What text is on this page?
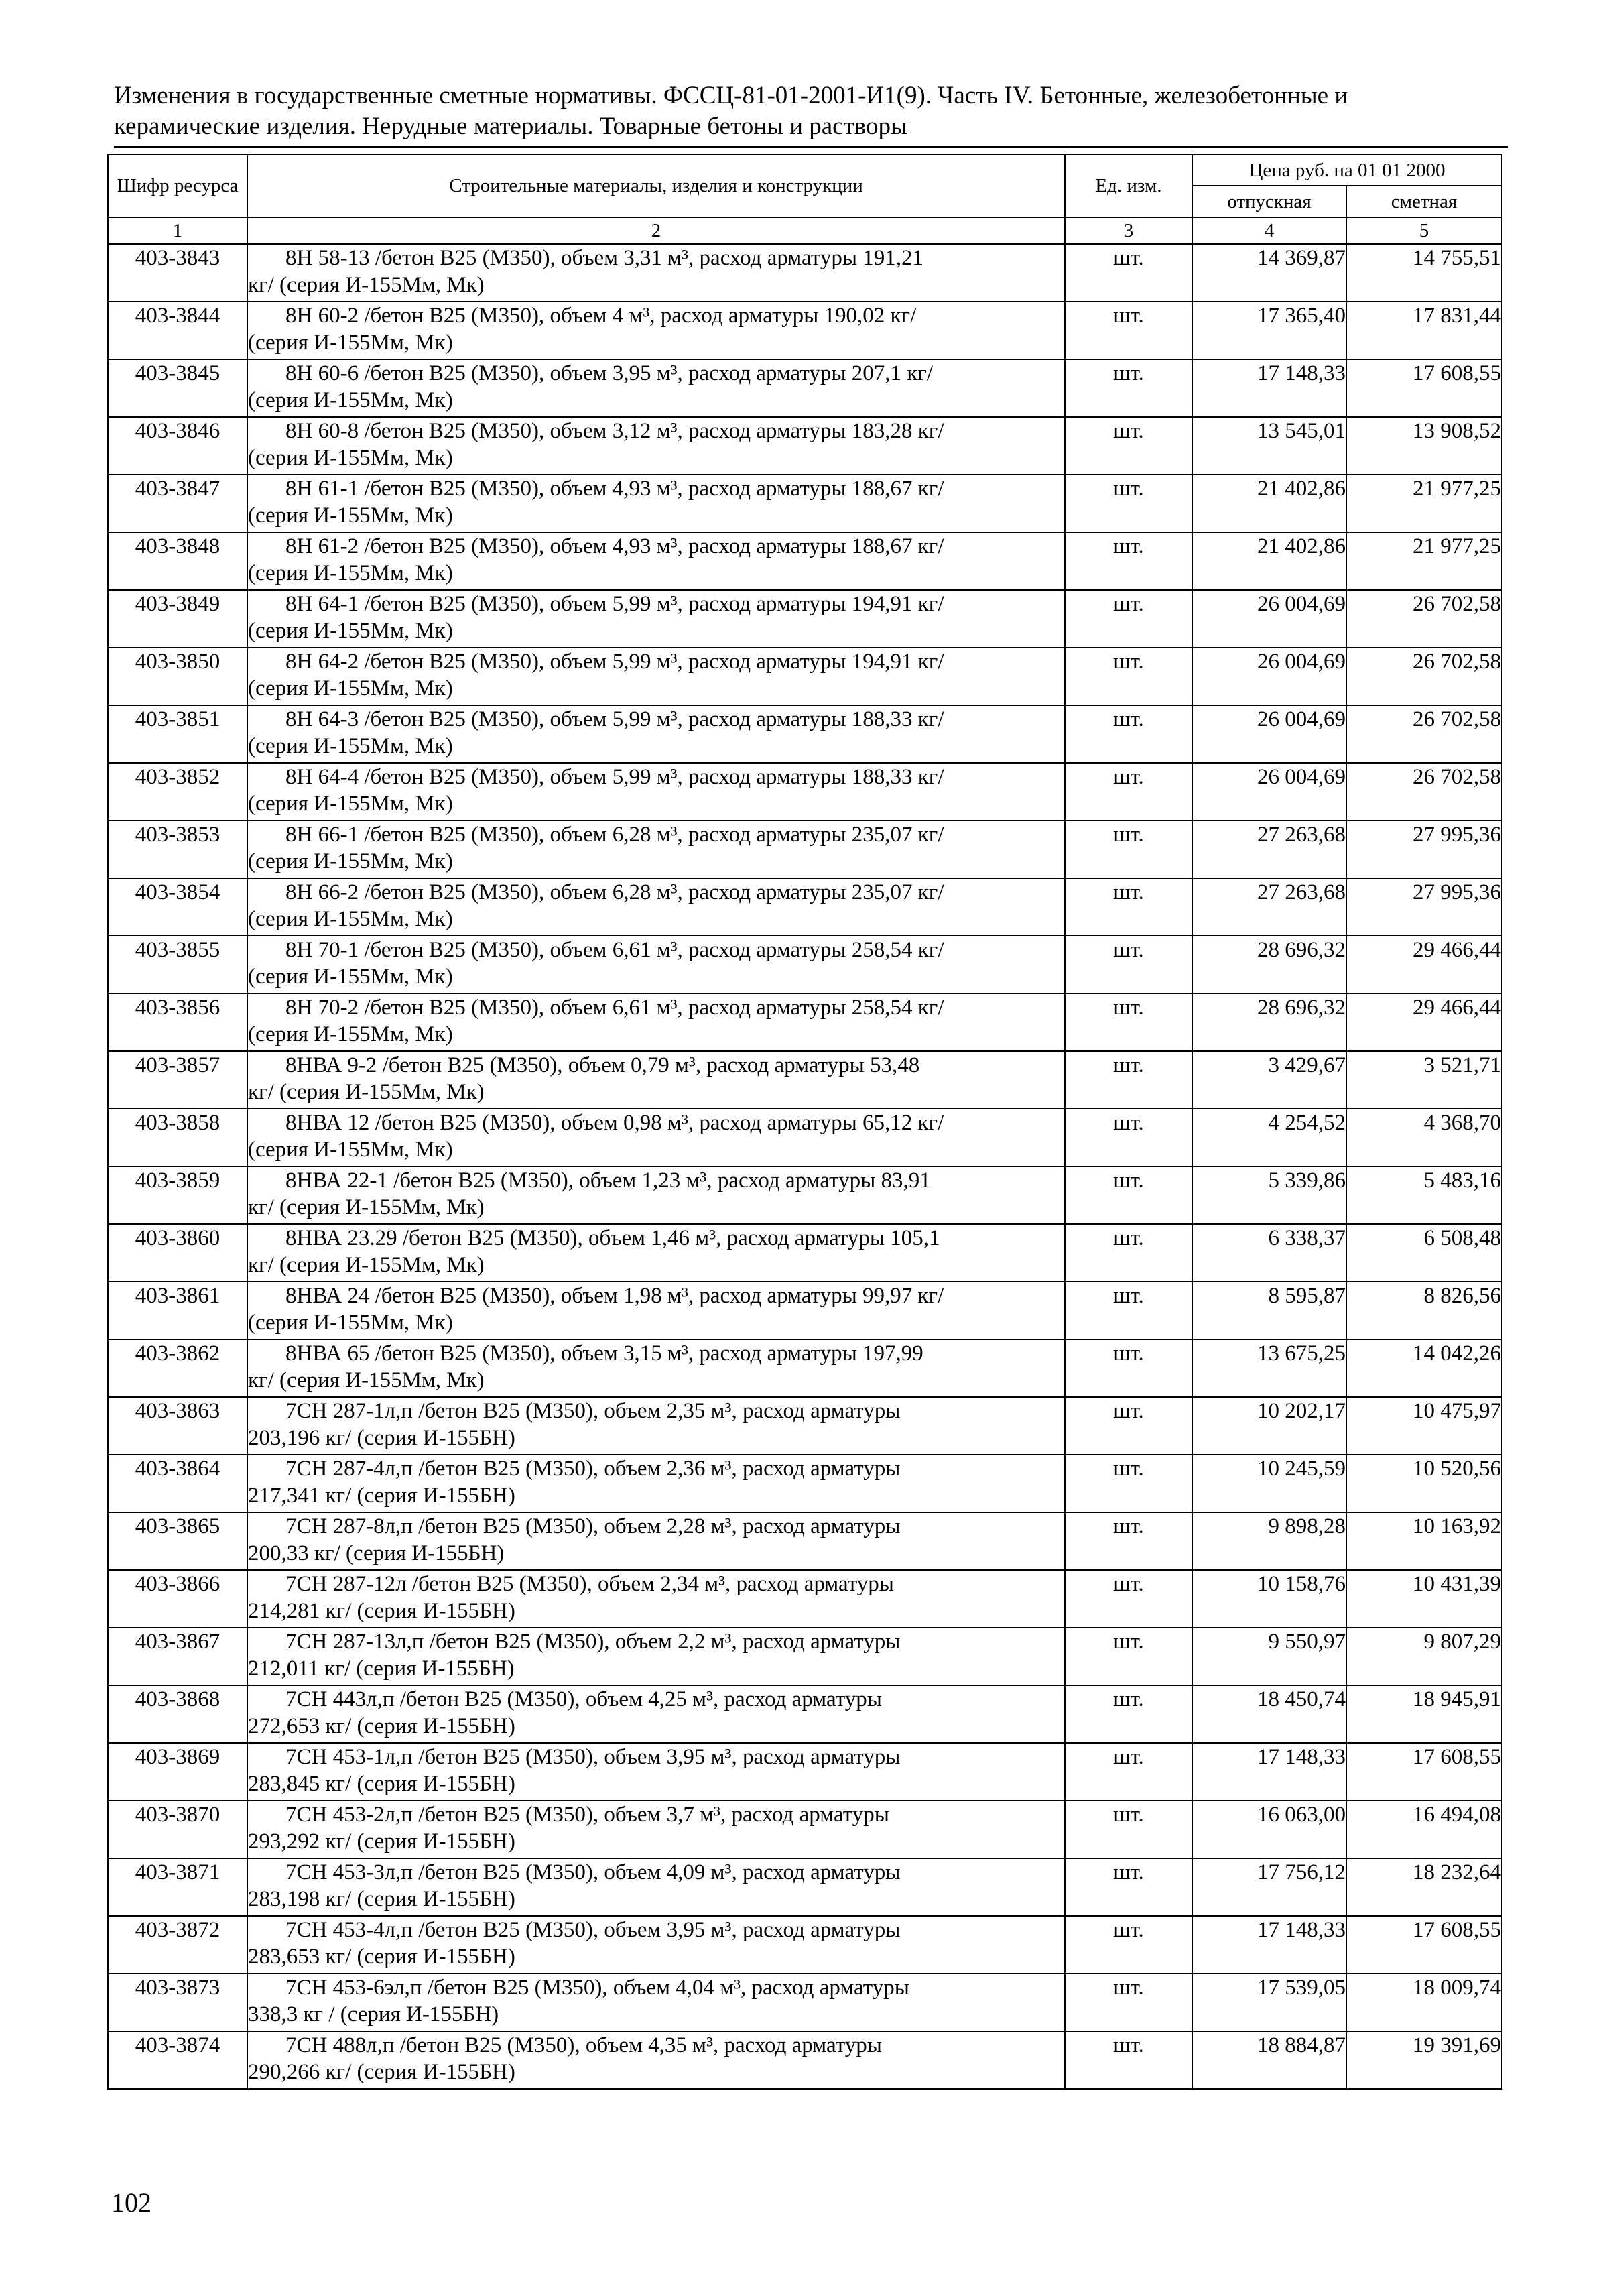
Изменения в государственные сметные нормативы. ФССЦ-81-01-2001-И1(9). Часть IV. Бетонные, железобетонные и
керамические изделия. Нерудные материалы. Товарные бетоны и растворы
Шифр ресурса	Строительные материалы, изделия и конструкции	Ед. изм.	Цена руб. на 01 01 2000	
			отпускная	сметная
1	2	3	4	5
403-3843	8Н 58-13 /бетон В25 (М350), объем 3,31 м³, расход арматуры 191,21
кг/ (серия И-155Мм, Мк)	шт.	14 369,87	14 755,51
403-3844	8Н 60-2 /бетон В25 (М350), объем 4 м³, расход арматуры 190,02 кг/
(серия И-155Мм, Мк)	шт.	17 365,40	17 831,44
403-3845	8Н 60-6 /бетон В25 (М350), объем 3,95 м³, расход арматуры 207,1 кг/
(серия И-155Мм, Мк)	шт.	17 148,33	17 608,55
403-3846	8Н 60-8 /бетон В25 (М350), объем 3,12 м³, расход арматуры 183,28 кг/
(серия И-155Мм, Мк)	шт.	13 545,01	13 908,52
403-3847	8Н 61-1 /бетон В25 (М350), объем 4,93 м³, расход арматуры 188,67 кг/
(серия И-155Мм, Мк)	шт.	21 402,86	21 977,25
403-3848	8Н 61-2 /бетон В25 (М350), объем 4,93 м³, расход арматуры 188,67 кг/
(серия И-155Мм, Мк)	шт.	21 402,86	21 977,25
403-3849	8Н 64-1 /бетон В25 (М350), объем 5,99 м³, расход арматуры 194,91 кг/
(серия И-155Мм, Мк)	шт.	26 004,69	26 702,58
403-3850	8Н 64-2 /бетон В25 (М350), объем 5,99 м³, расход арматуры 194,91 кг/
(серия И-155Мм, Мк)	шт.	26 004,69	26 702,58
403-3851	8Н 64-3 /бетон В25 (М350), объем 5,99 м³, расход арматуры 188,33 кг/
(серия И-155Мм, Мк)	шт.	26 004,69	26 702,58
403-3852	8Н 64-4 /бетон В25 (М350), объем 5,99 м³, расход арматуры 188,33 кг/
(серия И-155Мм, Мк)	шт.	26 004,69	26 702,58
403-3853	8Н 66-1 /бетон В25 (М350), объем 6,28 м³, расход арматуры 235,07 кг/
(серия И-155Мм, Мк)	шт.	27 263,68	27 995,36
403-3854	8Н 66-2 /бетон В25 (М350), объем 6,28 м³, расход арматуры 235,07 кг/
(серия И-155Мм, Мк)	шт.	27 263,68	27 995,36
403-3855	8Н 70-1 /бетон В25 (М350), объем 6,61 м³, расход арматуры 258,54 кг/
(серия И-155Мм, Мк)	шт.	28 696,32	29 466,44
403-3856	8Н 70-2 /бетон В25 (М350), объем 6,61 м³, расход арматуры 258,54 кг/
(серия И-155Мм, Мк)	шт.	28 696,32	29 466,44
403-3857	8НВА 9-2 /бетон В25 (М350), объем 0,79 м³, расход арматуры 53,48
кг/ (серия И-155Мм, Мк)	шт.	3 429,67	3 521,71
403-3858	8НВА 12 /бетон В25 (М350), объем 0,98 м³, расход арматуры 65,12 кг/
(серия И-155Мм, Мк)	шт.	4 254,52	4 368,70
403-3859	8НВА 22-1 /бетон В25 (М350), объем 1,23 м³, расход арматуры 83,91
кг/ (серия И-155Мм, Мк)	шт.	5 339,86	5 483,16
403-3860	8НВА 23.29 /бетон В25 (М350), объем 1,46 м³, расход арматуры 105,1
кг/ (серия И-155Мм, Мк)	шт.	6 338,37	6 508,48
403-3861	8НВА 24 /бетон В25 (М350), объем 1,98 м³, расход арматуры 99,97 кг/
(серия И-155Мм, Мк)	шт.	8 595,87	8 826,56
403-3862	8НВА 65 /бетон В25 (М350), объем 3,15 м³, расход арматуры 197,99
кг/ (серия И-155Мм, Мк)	шт.	13 675,25	14 042,26
403-3863	7СН 287-1л,п /бетон В25 (М350), объем 2,35 м³, расход арматуры
203,196 кг/ (серия И-155БН)	шт.	10 202,17	10 475,97
403-3864	7СН 287-4л,п /бетон В25 (М350), объем 2,36 м³, расход арматуры
217,341 кг/ (серия И-155БН)	шт.	10 245,59	10 520,56
403-3865	7СН 287-8л,п /бетон В25 (М350), объем 2,28 м³, расход арматуры
200,33 кг/ (серия И-155БН)	шт.	9 898,28	10 163,92
403-3866	7СН 287-12л /бетон В25 (М350), объем 2,34 м³, расход арматуры
214,281 кг/ (серия И-155БН)	шт.	10 158,76	10 431,39
403-3867	7СН 287-13л,п /бетон В25 (М350), объем 2,2 м³, расход арматуры
212,011 кг/ (серия И-155БН)	шт.	9 550,97	9 807,29
403-3868	7СН 443л,п /бетон В25 (М350), объем 4,25 м³, расход арматуры
272,653 кг/ (серия И-155БН)	шт.	18 450,74	18 945,91
403-3869	7СН 453-1л,п /бетон В25 (М350), объем 3,95 м³, расход арматуры
283,845 кг/ (серия И-155БН)	шт.	17 148,33	17 608,55
403-3870	7СН 453-2л,п /бетон В25 (М350), объем 3,7 м³, расход арматуры
293,292 кг/ (серия И-155БН)	шт.	16 063,00	16 494,08
403-3871	7СН 453-3л,п /бетон В25 (М350), объем 4,09 м³, расход арматуры
283,198 кг/ (серия И-155БН)	шт.	17 756,12	18 232,64
403-3872	7СН 453-4л,п /бетон В25 (М350), объем 3,95 м³, расход арматуры
283,653 кг/ (серия И-155БН)	шт.	17 148,33	17 608,55
403-3873	7СН 453-6эл,п /бетон В25 (М350), объем 4,04 м³, расход арматуры
338,3 кг / (серия И-155БН)	шт.	17 539,05	18 009,74
403-3874	7СН 488л,п /бетон В25 (М350), объем 4,35 м³, расход арматуры
290,266 кг/ (серия И-155БН)	шт.	18 884,87	19 391,69
102
